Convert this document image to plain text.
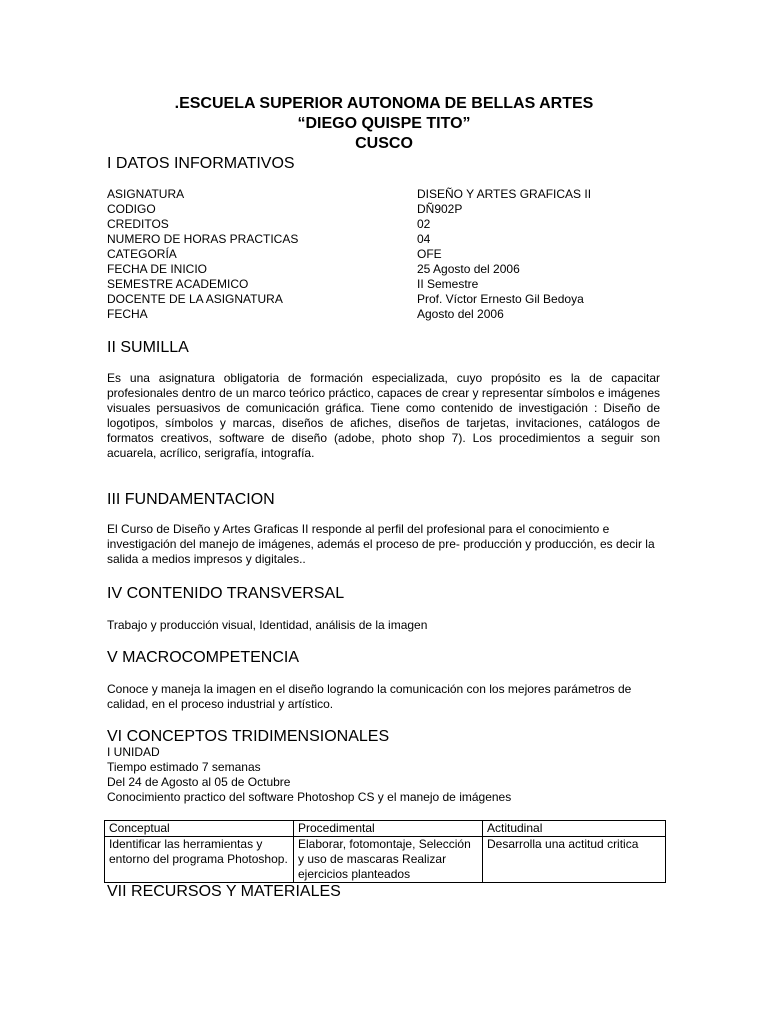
.ESCUELA SUPERIOR AUTONOMA DE BELLAS ARTES
“DIEGO QUISPE TITO”
CUSCO
I DATOS INFORMATIVOS
ASIGNATURA	DISEÑO Y ARTES GRAFICAS II
CODIGO	DÑ902P
CREDITOS	02
NUMERO DE HORAS PRACTICAS	04
CATEGORÍA	OFE
FECHA DE INICIO	25 Agosto del 2006
SEMESTRE ACADEMICO	II Semestre
DOCENTE DE LA ASIGNATURA	Prof. Víctor Ernesto Gil Bedoya
FECHA	Agosto del 2006
II SUMILLA

Es una asignatura obligatoria de formación especializada, cuyo propósito es la de capacitar profesionales dentro de un marco teórico práctico, capaces de crear y representar símbolos e imágenes visuales persuasivos de comunicación gráfica. Tiene como contenido de investigación : Diseño de logotipos, símbolos y marcas, diseños de afiches, diseños de tarjetas, invitaciones, catálogos de formatos creativos, software de diseño (adobe, photo shop 7). Los procedimientos a seguir son acuarela, acrílico, serigrafía, intografía.

III FUNDAMENTACION

El Curso de Diseño y Artes Graficas II responde al perfil del profesional para el conocimiento e investigación del manejo de imágenes, además el proceso de pre- producción y producción, es decir la salida a medios impresos y digitales..

IV CONTENIDO TRANSVERSAL

Trabajo y producción visual, Identidad, análisis de la imagen

V MACROCOMPETENCIA

Conoce y maneja la imagen en el diseño logrando la comunicación con los mejores parámetros de calidad, en el proceso industrial y artístico.

VI CONCEPTOS TRIDIMENSIONALES
I UNIDAD
Tiempo estimado 7 semanas
Del 24 de Agosto al 05 de Octubre
Conocimiento practico del software Photoshop CS y el manejo de imágenes
Conceptual	Procedimental	Actitudinal
Identificar las herramientas y entorno del programa Photoshop.	Elaborar, fotomontaje, Selección y uso de mascaras Realizar ejercicios planteados	Desarrolla una actitud critica
VII RECURSOS Y MATERIALES
